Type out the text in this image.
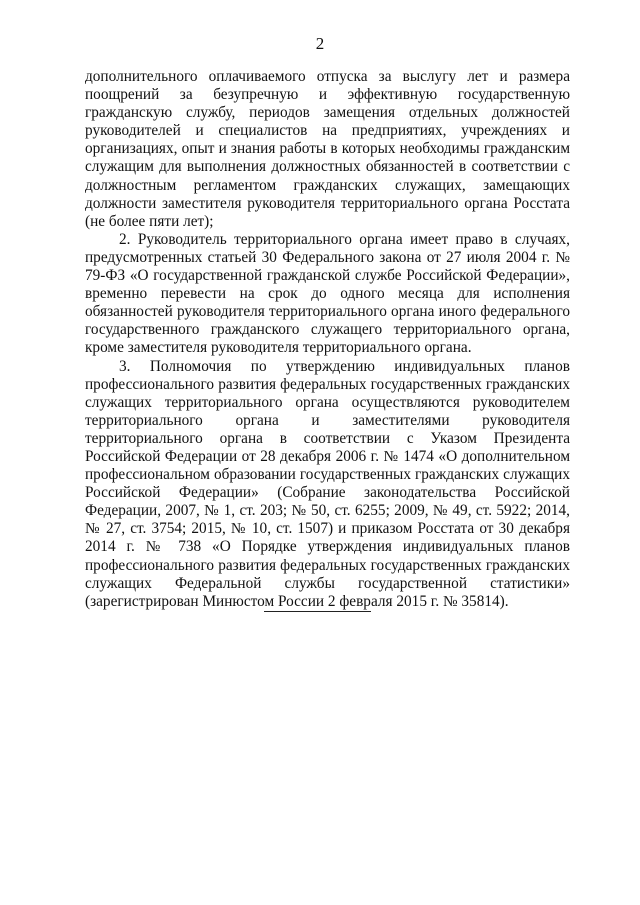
2

дополнительного оплачиваемого отпуска за выслугу лет и размера поощрений за безупречную и эффективную государственную гражданскую службу, периодов замещения отдельных должностей руководителей и специалистов на предприятиях, учреждениях и организациях, опыт и знания работы в которых необходимы гражданским служащим для выполнения должностных обязанностей в соответствии с должностным регламентом гражданских служащих, замещающих должности заместителя руководителя территориального органа Росстата (не более пяти лет);

2. Руководитель территориального органа имеет право в случаях, предусмотренных статьей 30 Федерального закона от 27 июля 2004 г. № 79-ФЗ «О государственной гражданской службе Российской Федерации», временно перевести на срок до одного месяца для исполнения обязанностей руководителя территориального органа иного федерального государственного гражданского служащего территориального органа, кроме заместителя руководителя территориального органа.

3. Полномочия по утверждению индивидуальных планов профессионального развития федеральных государственных гражданских служащих территориального органа осуществляются руководителем территориального органа и заместителями руководителя территориального органа в соответствии с Указом Президента Российской Федерации от 28 декабря 2006 г. № 1474 «О дополнительном профессиональном образовании государственных гражданских служащих Российской Федерации» (Собрание законодательства Российской Федерации, 2007, № 1, ст. 203; № 50, ст. 6255; 2009, № 49, ст. 5922; 2014, № 27, ст. 3754; 2015, № 10, ст. 1507) и приказом Росстата от 30 декабря 2014 г. № 738 «О Порядке утверждения индивидуальных планов профессионального развития федеральных государственных гражданских служащих Федеральной службы государственной статистики» (зарегистрирован Минюстом России 2 февраля 2015 г. № 35814).
